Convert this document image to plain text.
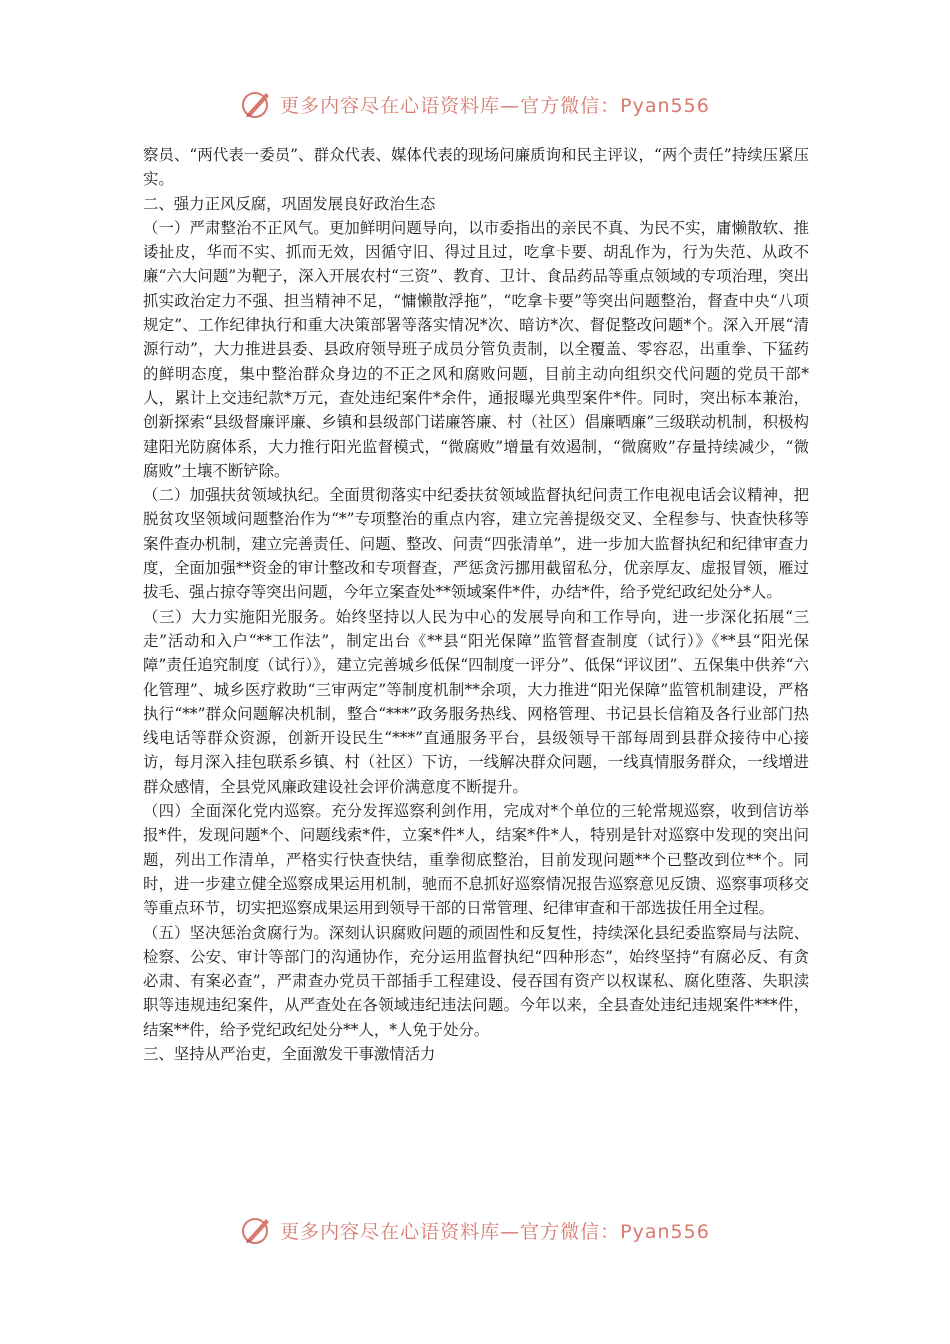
更多内容尽在心语资料库—官方微信：Pyan556

察员、“两代表一委员”、群众代表、媒体代表的现场问廉质询和民主评议，“两个责任”持续压紧压实。

二、强力正风反腐，巩固发展良好政治生态

（一）严肃整治不正风气。更加鲜明问题导向，以市委指出的亲民不真、为民不实，庸懒散软、推诿扯皮，华而不实、抓而无效，因循守旧、得过且过，吃拿卡要、胡乱作为，行为失范、从政不廉“六大问题”为靶子，深入开展农村“三资”、教育、卫计、食品药品等重点领域的专项治理，突出抓实政治定力不强、担当精神不足，“慵懒散浮拖”，“吃拿卡要”等突出问题整治，督查中央“八项规定”、工作纪律执行和重大决策部署等落实情况*次、暗访*次、督促整改问题*个。深入开展“清源行动”，大力推进县委、县政府领导班子成员分管负责制，以全覆盖、零容忍，出重拳、下猛药的鲜明态度，集中整治群众身边的不正之风和腐败问题，目前主动向组织交代问题的党员干部*人，累计上交违纪款*万元，查处违纪案件*余件，通报曝光典型案件*件。同时，突出标本兼治，创新探索“县级督廉评廉、乡镇和县级部门诺廉答廉、村（社区）倡廉晒廉”三级联动机制，积极构建阳光防腐体系，大力推行阳光监督模式，“微腐败”增量有效遏制，“微腐败”存量持续减少，“微腐败”土壤不断铲除。

（二）加强扶贫领域执纪。全面贯彻落实中纪委扶贫领域监督执纪问责工作电视电话会议精神，把脱贫攻坚领域问题整治作为“*”专项整治的重点内容，建立完善提级交叉、全程参与、快查快移等案件查办机制，建立完善责任、问题、整改、问责“四张清单”，进一步加大监督执纪和纪律审查力度，全面加强**资金的审计整改和专项督查，严惩贪污挪用截留私分，优亲厚友、虚报冒领，雁过拔毛、强占掠夺等突出问题，今年立案查处**领域案件*件，办结*件，给予党纪政纪处分*人。

（三）大力实施阳光服务。始终坚持以人民为中心的发展导向和工作导向，进一步深化拓展“三走”活动和入户“**工作法”，制定出台《**县“阳光保障”监管督查制度（试行）》《**县“阳光保障”责任追究制度（试行）》，建立完善城乡低保“四制度一评分”、低保“评议团”、五保集中供养“六化管理”、城乡医疗救助“三审两定”等制度机制**余项，大力推进“阳光保障”监管机制建设，严格执行“**”群众问题解决机制，整合“***”政务服务热线、网格管理、书记县长信箱及各行业部门热线电话等群众资源，创新开设民生“***”直通服务平台，县级领导干部每周到县群众接待中心接访，每月深入挂包联系乡镇、村（社区）下访，一线解决群众问题，一线真情服务群众，一线增进群众感情，全县党风廉政建设社会评价满意度不断提升。

（四）全面深化党内巡察。充分发挥巡察利剑作用，完成对*个单位的三轮常规巡察，收到信访举报*件，发现问题*个、问题线索*件，立案*件*人，结案*件*人，特别是针对巡察中发现的突出问题，列出工作清单，严格实行快查快结，重拳彻底整治，目前发现问题**个已整改到位**个。同时，进一步建立健全巡察成果运用机制，驰而不息抓好巡察情况报告巡察意见反馈、巡察事项移交等重点环节，切实把巡察成果运用到领导干部的日常管理、纪律审查和干部选拔任用全过程。

（五）坚决惩治贪腐行为。深刻认识腐败问题的顽固性和反复性，持续深化县纪委监察局与法院、检察、公安、审计等部门的沟通协作，充分运用监督执纪“四种形态”，始终坚持“有腐必反、有贪必肃、有案必查”，严肃查办党员干部插手工程建设、侵吞国有资产以权谋私、腐化堕落、失职渎职等违规违纪案件，从严查处在各领域违纪违法问题。今年以来，全县查处违纪违规案件***件，结案**件，给予党纪政纪处分**人，*人免于处分。

三、坚持从严治吏，全面激发干事激情活力

更多内容尽在心语资料库—官方微信：Pyan556
